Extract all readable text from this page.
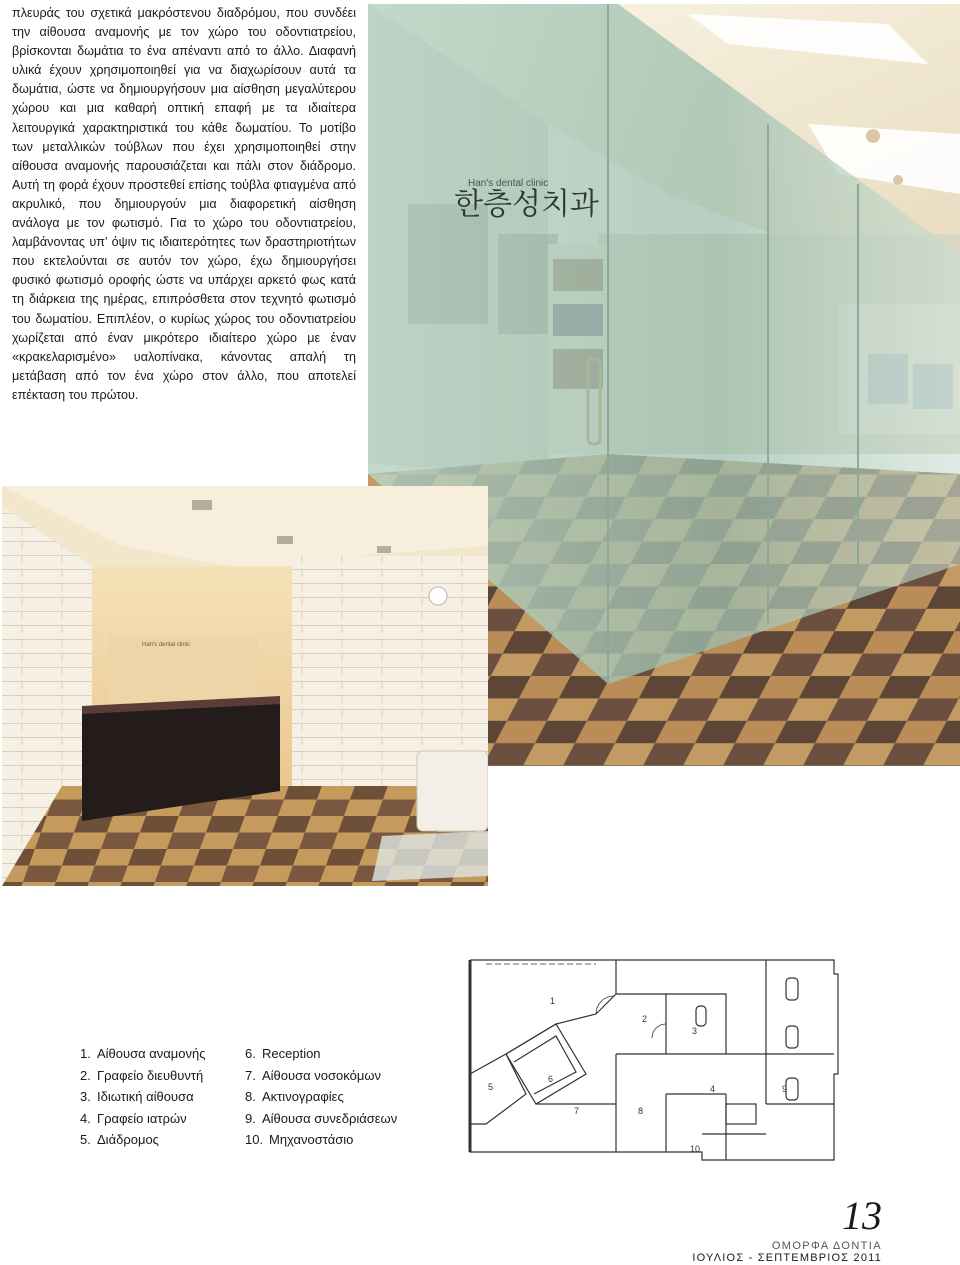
πλευράς του σχετικά μακρόστενου διαδρόμου, που συνδέει την αίθουσα αναμονής με τον χώρο του οδοντιατρείου, βρίσκονται δωμάτια το ένα απέναντι από το άλλο. Διαφανή υλικά έχουν χρησιμοποιηθεί για να διαχωρίσουν αυτά τα δωμάτια, ώστε να δημιουργήσουν μια αίσθηση μεγαλύτερου χώρου και μια καθαρή οπτική επαφή με τα ιδιαίτερα λειτουργικά χαρακτηριστικά του κάθε δωματίου. Το μοτίβο των μεταλλικών τούβλων που έχει χρησιμοποιηθεί στην αίθουσα αναμονής παρουσιάζεται και πάλι στον διάδρομο. Αυτή τη φορά έχουν προστεθεί επίσης τούβλα φτιαγμένα από ακρυλικό, που δημιουργούν μια διαφορετική αίσθηση ανάλογα με τον φωτισμό. Για το χώρο του οδοντιατρείου, λαμβάνοντας υπ’ όψιν τις ιδιαιτερότητες των δραστηριοτήτων που εκτελούνται σε αυτόν τον χώρο, έχω δημιουργήσει φυσικό φωτισμό οροφής ώστε να υπάρχει αρκετό φως κατά τη διάρκεια της ημέρας, επιπρόσθετα στον τεχνητό φωτισμό του δωματίου. Επιπλέον, ο κυρίως χώρος του οδοντιατρείου χωρίζεται από έναν μικρότερο ιδιαίτερο χώρο με έναν «κρακελαρισμένο» υαλοπίνακα, κάνοντας απαλή τη μετάβαση από τον ένα χώρο στον άλλο, που αποτελεί επέκταση του πρώτου.

Han's dental clinic
한층성치과
Han's dental clinic
1. Αίθουσα αναμονής
2. Γραφείο διευθυντή
3. Ιδιωτική αίθουσα
4. Γραφείο ιατρών
5. Διάδρομος
6. Reception
7. Αίθουσα νοσοκόμων
8. Ακτινογραφίες
9. Αίθουσα συνεδριάσεων
10. Μηχανοστάσιο
1
2
3
4
5
6
7	8
9
10
13
ΟΜΟΡΦΑ ΔΟΝΤΙΑ
ΙΟΥΛΙΟΣ - ΣΕΠΤΕΜΒΡΙΟΣ 2011
